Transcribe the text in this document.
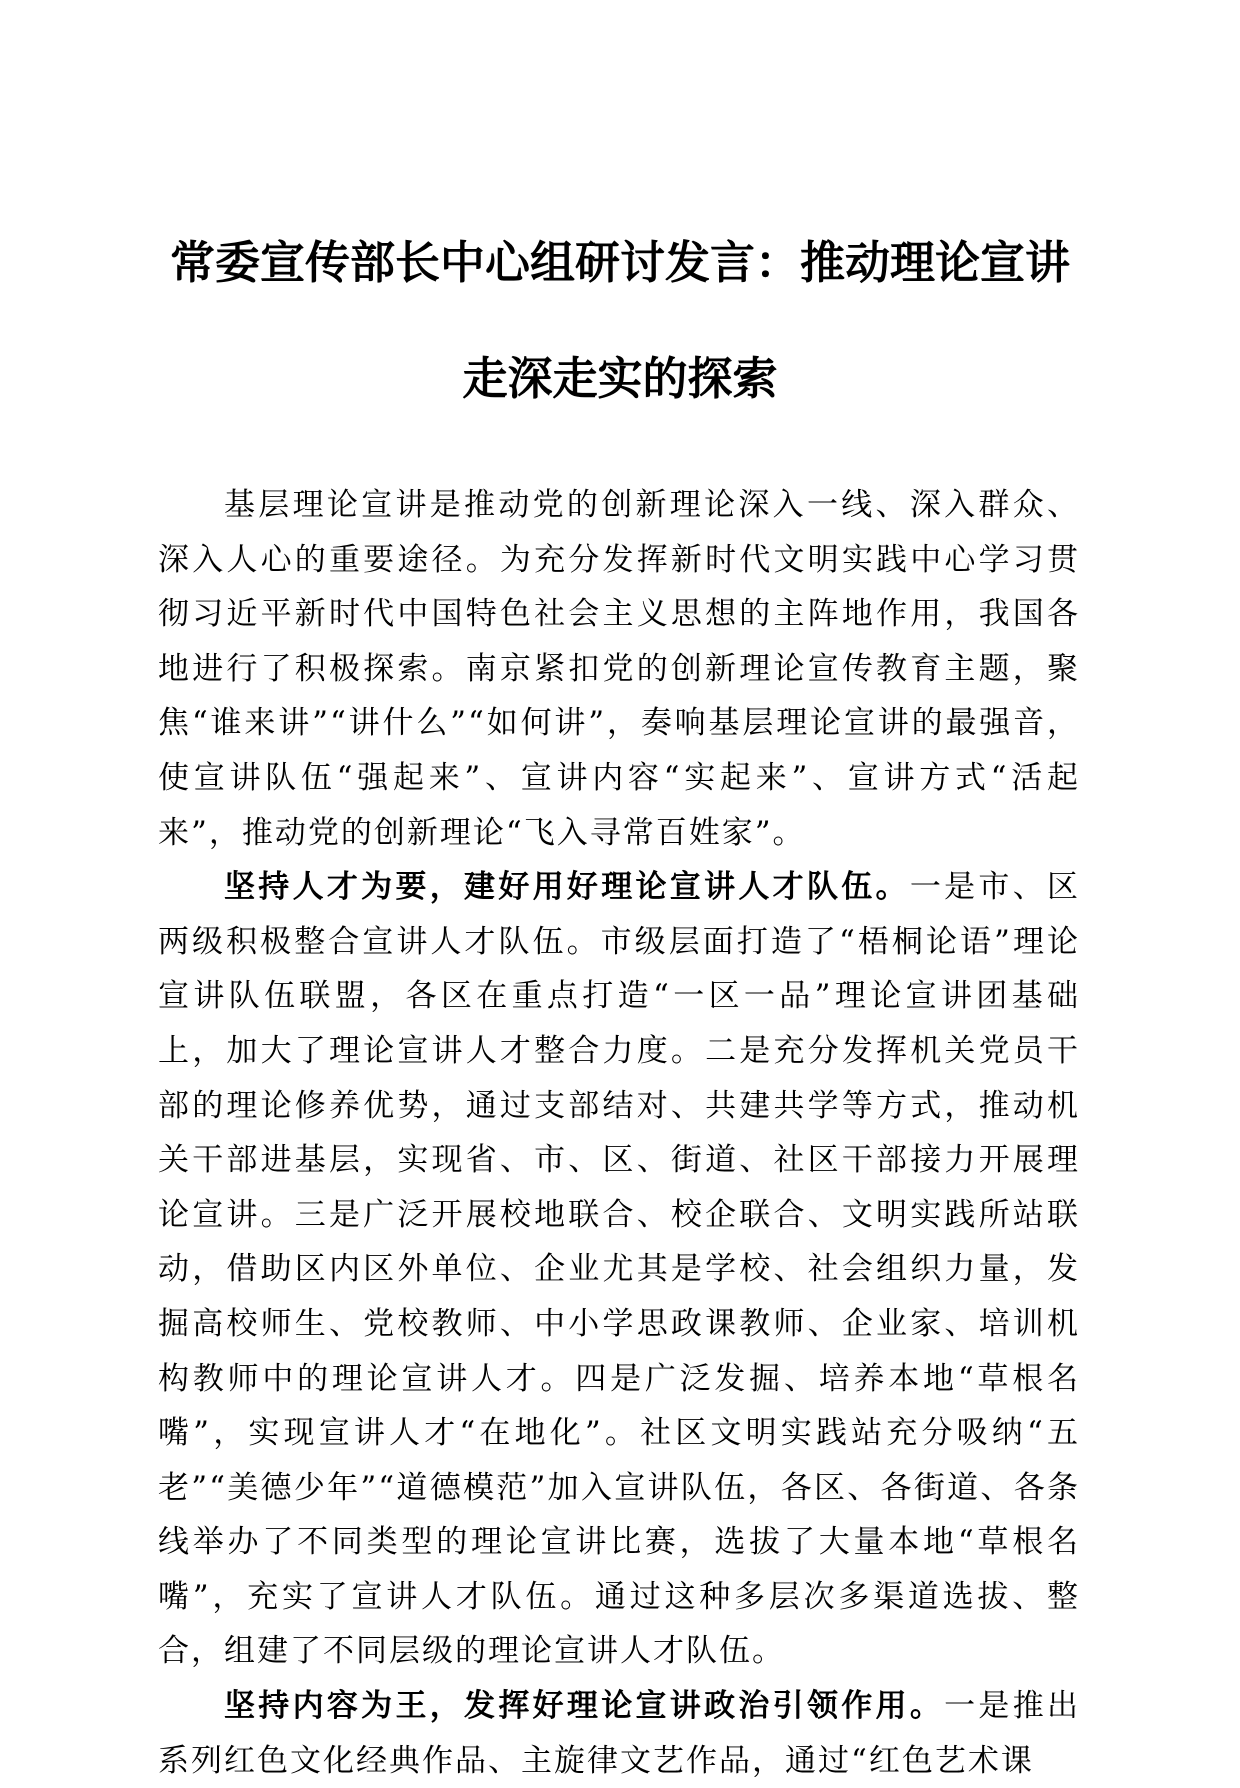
常委宣传部长中心组研讨发言：推动理论宣讲
走深走实的探索

基层理论宣讲是推动党的创新理论深入一线、深入群众、深入人心的重要途径。为充分发挥新时代文明实践中心学习贯彻习近平新时代中国特色社会主义思想的主阵地作用，我国各地进行了积极探索。南京紧扣党的创新理论宣传教育主题，聚焦“谁来讲”“讲什么”“如何讲”，奏响基层理论宣讲的最强音，使宣讲队伍“强起来”、宣讲内容“实起来”、宣讲方式“活起来”，推动党的创新理论“飞入寻常百姓家”。

坚持人才为要，建好用好理论宣讲人才队伍。一是市、区两级积极整合宣讲人才队伍。市级层面打造了“梧桐论语”理论宣讲队伍联盟，各区在重点打造“一区一品”理论宣讲团基础上，加大了理论宣讲人才整合力度。二是充分发挥机关党员干部的理论修养优势，通过支部结对、共建共学等方式，推动机关干部进基层，实现省、市、区、街道、社区干部接力开展理论宣讲。三是广泛开展校地联合、校企联合、文明实践所站联动，借助区内区外单位、企业尤其是学校、社会组织力量，发掘高校师生、党校教师、中小学思政课教师、企业家、培训机构教师中的理论宣讲人才。四是广泛发掘、培养本地“草根名嘴”，实现宣讲人才“在地化”。社区文明实践站充分吸纳“五老”“美德少年”“道德模范”加入宣讲队伍，各区、各街道、各条线举办了不同类型的理论宣讲比赛，选拔了大量本地“草根名嘴”，充实了宣讲人才队伍。通过这种多层次多渠道选拔、整合，组建了不同层级的理论宣讲人才队伍。

坚持内容为王，发挥好理论宣讲政治引领作用。一是推出系列红色文化经典作品、主旋律文艺作品，通过“红色艺术课
